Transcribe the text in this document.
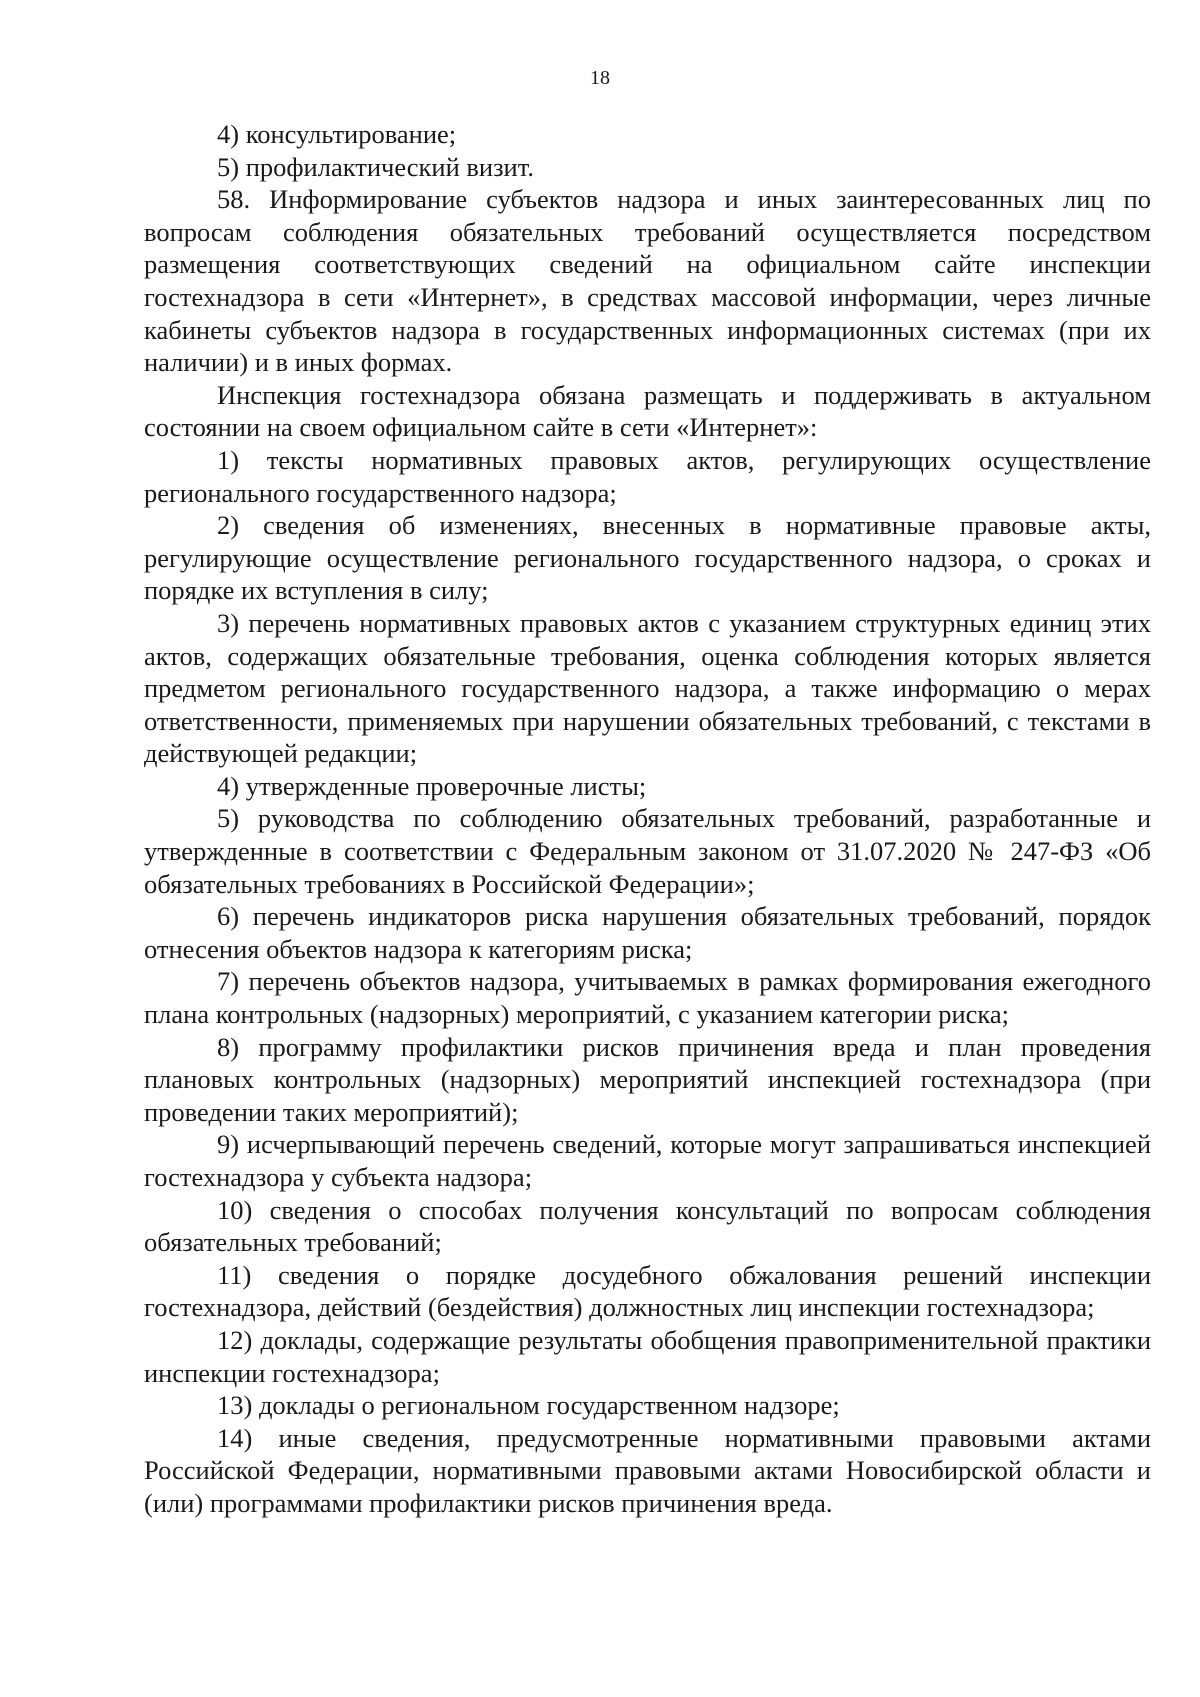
18

4) консультирование;

5) профилактический визит.

58. Информирование субъектов надзора и иных заинтересованных лиц по вопросам соблюдения обязательных требований осуществляется посредством размещения соответствующих сведений на официальном сайте инспекции гостехнадзора в сети «Интернет», в средствах массовой информации, через личные кабинеты субъектов надзора в государственных информационных системах (при их наличии) и в иных формах.

Инспекция гостехнадзора обязана размещать и поддерживать в актуальном состоянии на своем официальном сайте в сети «Интернет»:

1) тексты нормативных правовых актов, регулирующих осуществление регионального государственного надзора;

2) сведения об изменениях, внесенных в нормативные правовые акты, регулирующие осуществление регионального государственного надзора, о сроках и порядке их вступления в силу;

3) перечень нормативных правовых актов с указанием структурных единиц этих актов, содержащих обязательные требования, оценка соблюдения которых является предметом регионального государственного надзора, а также информацию о мерах ответственности, применяемых при нарушении обязательных требований, с текстами в действующей редакции;

4) утвержденные проверочные листы;

5) руководства по соблюдению обязательных требований, разработанные и утвержденные в соответствии с Федеральным законом от 31.07.2020 № 247-ФЗ «Об обязательных требованиях в Российской Федерации»;

6) перечень индикаторов риска нарушения обязательных требований, порядок отнесения объектов надзора к категориям риска;

7) перечень объектов надзора, учитываемых в рамках формирования ежегодного плана контрольных (надзорных) мероприятий, с указанием категории риска;

8) программу профилактики рисков причинения вреда и план проведения плановых контрольных (надзорных) мероприятий инспекцией гостехнадзора (при проведении таких мероприятий);

9) исчерпывающий перечень сведений, которые могут запрашиваться инспекцией гостехнадзора у субъекта надзора;

10) сведения о способах получения консультаций по вопросам соблюдения обязательных требований;

11) сведения о порядке досудебного обжалования решений инспекции гостехнадзора, действий (бездействия) должностных лиц инспекции гостехнадзора;

12) доклады, содержащие результаты обобщения правоприменительной практики инспекции гостехнадзора;

13) доклады о региональном государственном надзоре;

14) иные сведения, предусмотренные нормативными правовыми актами Российской Федерации, нормативными правовыми актами Новосибирской области и (или) программами профилактики рисков причинения вреда.
